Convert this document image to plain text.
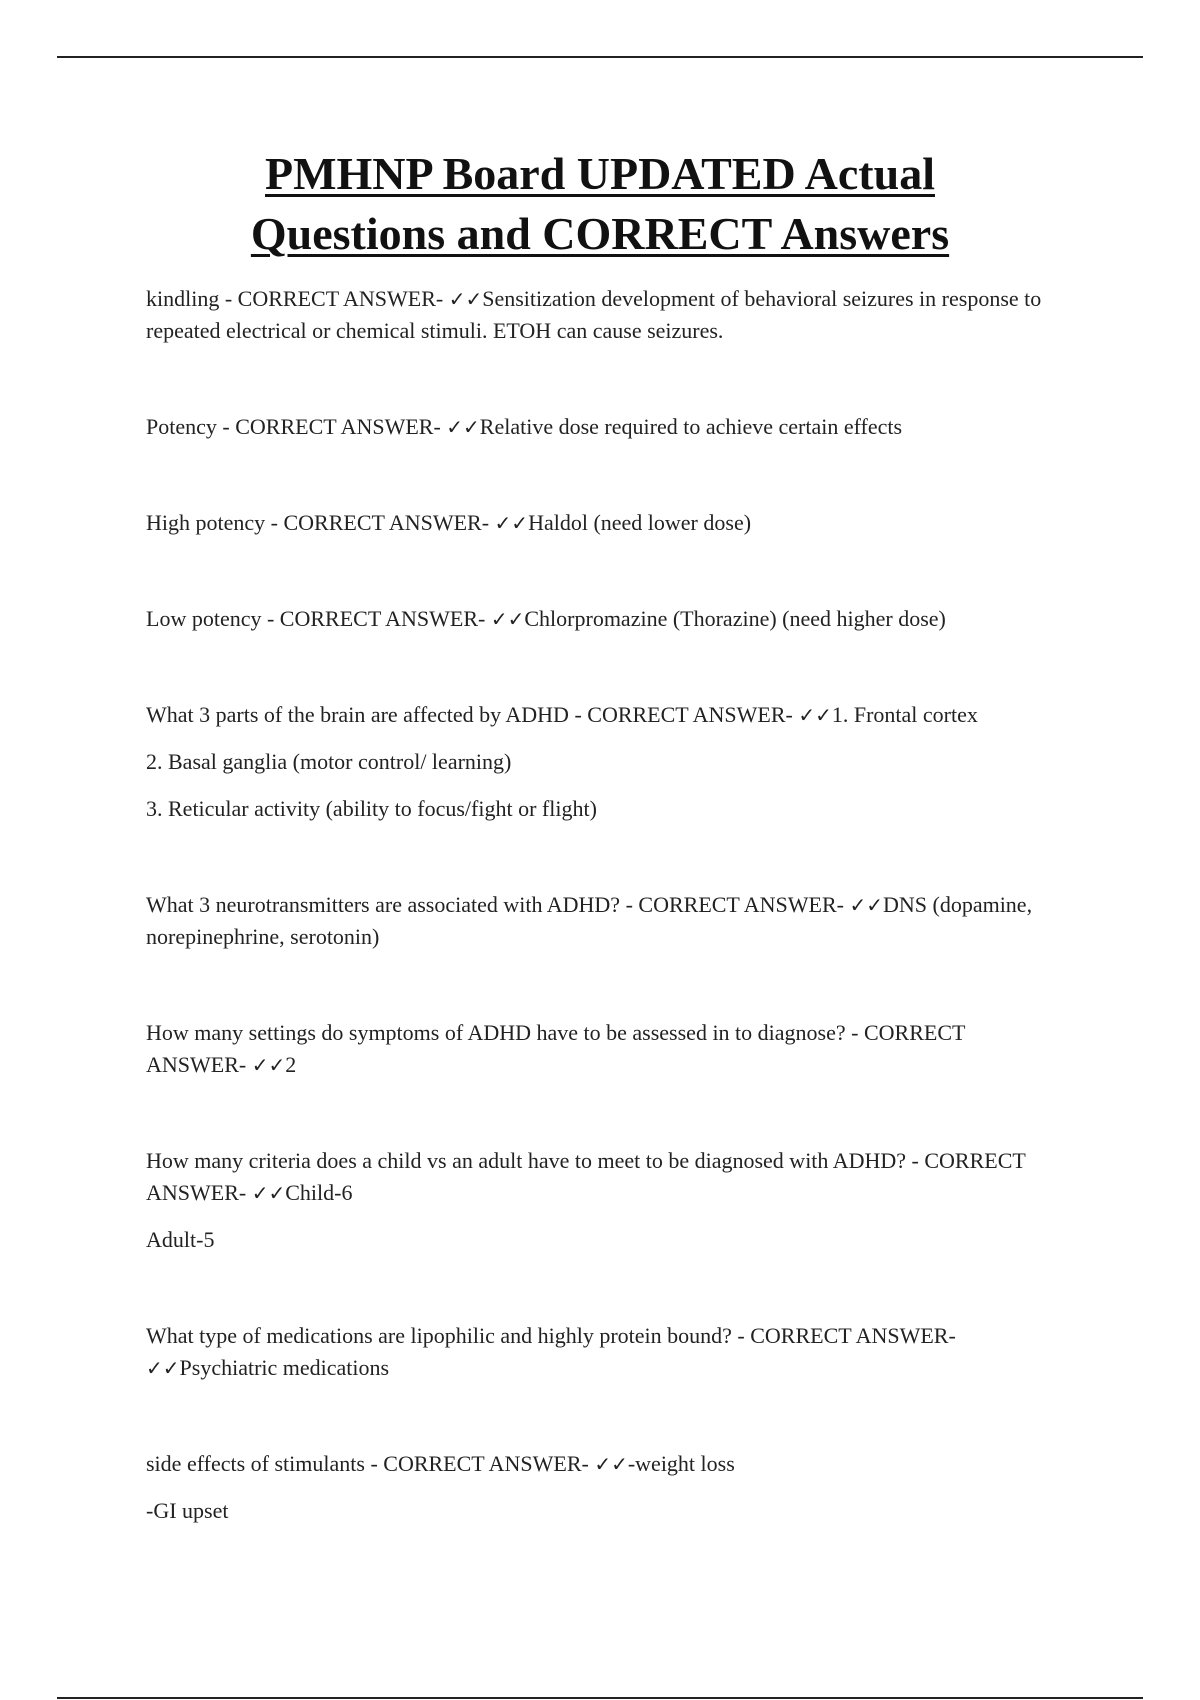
PMHNP Board UPDATED Actual
Questions and CORRECT Answers

kindling - CORRECT ANSWER- ✓✓Sensitization development of behavioral seizures in response to repeated electrical or chemical stimuli. ETOH can cause seizures.

Potency - CORRECT ANSWER- ✓✓Relative dose required to achieve certain effects

High potency - CORRECT ANSWER- ✓✓Haldol (need lower dose)

Low potency - CORRECT ANSWER- ✓✓Chlorpromazine (Thorazine) (need higher dose)

What 3 parts of the brain are affected by ADHD - CORRECT ANSWER- ✓✓1. Frontal cortex

2. Basal ganglia (motor control/ learning)

3. Reticular activity (ability to focus/fight or flight)

What 3 neurotransmitters are associated with ADHD? - CORRECT ANSWER- ✓✓DNS (dopamine, norepinephrine, serotonin)

How many settings do symptoms of ADHD have to be assessed in to diagnose? - CORRECT ANSWER- ✓✓2

How many criteria does a child vs an adult have to meet to be diagnosed with ADHD? - CORRECT ANSWER- ✓✓Child-6

Adult-5

What type of medications are lipophilic and highly protein bound? - CORRECT ANSWER- ✓✓Psychiatric medications

side effects of stimulants - CORRECT ANSWER- ✓✓-weight loss

-GI upset
